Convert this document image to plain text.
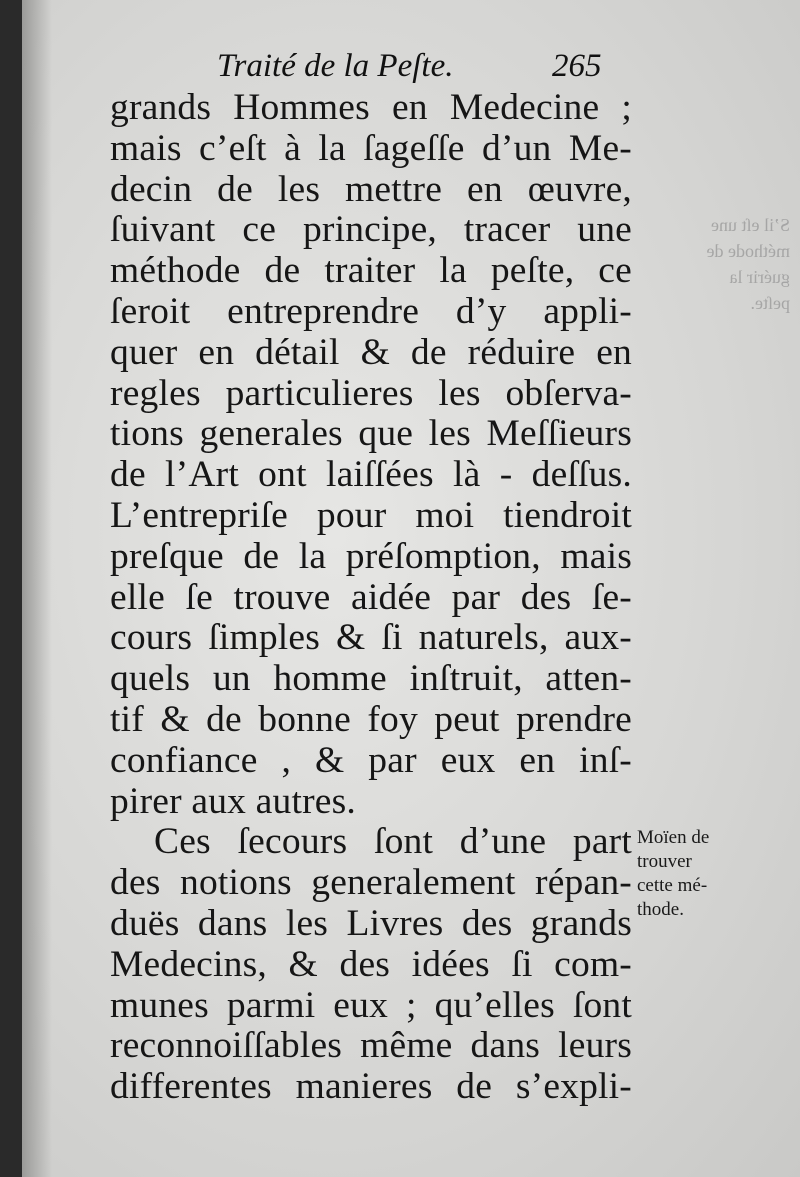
S’il eſt une
méthode de
guérir la
peſte.
Traité de la Peſte.	265
grands Hommes en Medecine ;
mais c’eſt à la ſageſſe d’un Me-
decin de les mettre en œuvre,
ſuivant ce principe, tracer une
méthode de traiter la peſte, ce
ſeroit entreprendre d’y appli-
quer en détail & de réduire en
regles particulieres les obſerva-
tions generales que les Meſſieurs
de l’Art ont laiſſées là - deſſus.
L’entrepriſe pour moi tiendroit
preſque de la préſomption, mais
elle ſe trouve aidée par des ſe-
cours ſimples & ſi naturels, aux-
quels un homme inſtruit, atten-
tif & de bonne foy peut prendre
confiance , & par eux en inſ-
pirer aux autres.
Ces ſecours ſont d’une part
des notions generalement répan-
duës dans les Livres des grands
Medecins, & des idées ſi com-
munes parmi eux ; qu’elles ſont
reconnoiſſables même dans leurs
differentes manieres de s’expli-
Moïen de
trouver
cette mé-
thode.
